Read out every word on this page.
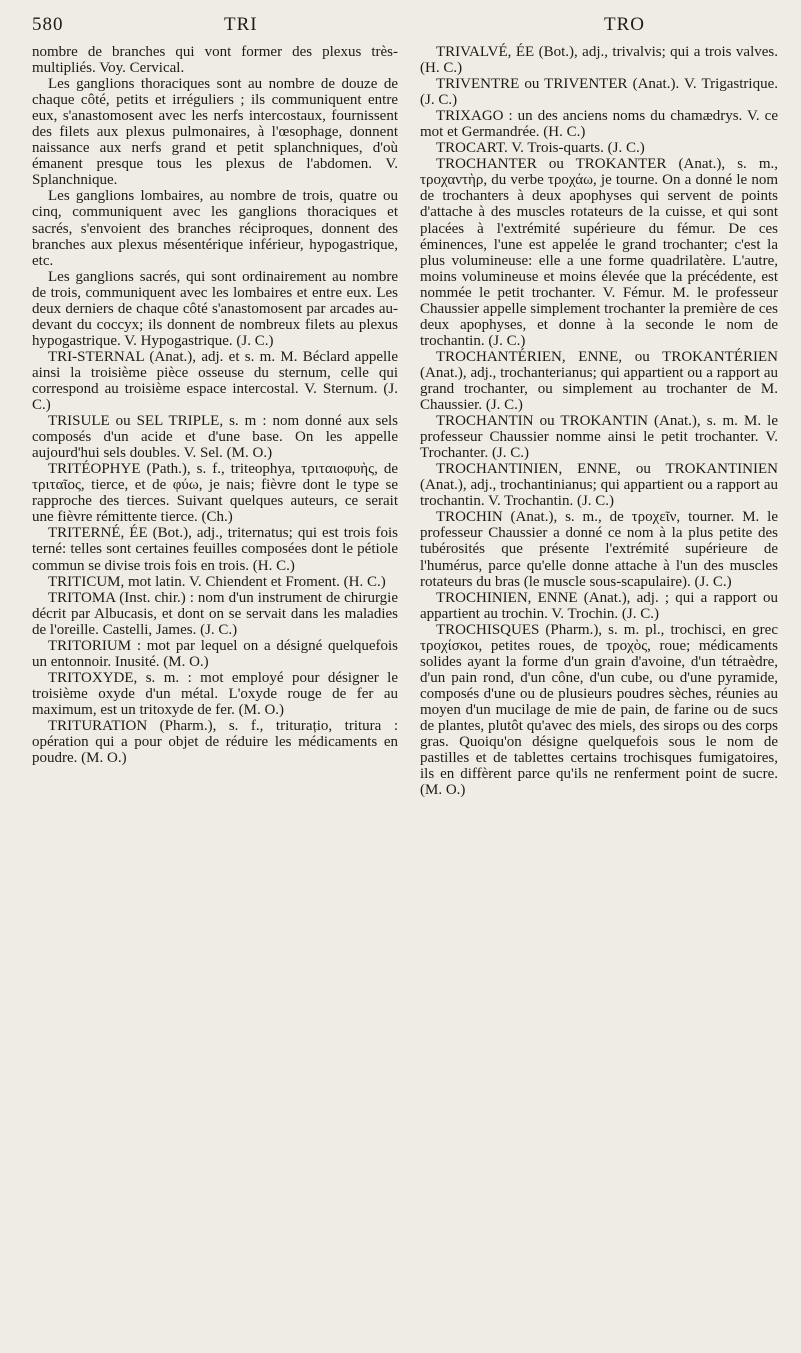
580	TRI	TRO

nombre de branches qui vont former des plexus très-multipliés. Voy. Cervical.

Les ganglions thoraciques sont au nombre de douze de chaque côté, petits et irréguliers ; ils communiquent entre eux, s'anastomosent avec les nerfs intercostaux, fournissent des filets aux plexus pulmonaires, à l'œsophage, donnent naissance aux nerfs grand et petit splanchniques, d'où émanent presque tous les plexus de l'abdomen. V. Splanchnique.

Les ganglions lombaires, au nombre de trois, quatre ou cinq, communiquent avec les ganglions thoraciques et sacrés, s'envoient des branches réciproques, donnent des branches aux plexus mésentérique inférieur, hypogastrique, etc.

Les ganglions sacrés, qui sont ordinairement au nombre de trois, communiquent avec les lombaires et entre eux. Les deux derniers de chaque côté s'anastomosent par arcades au-devant du coccyx; ils donnent de nombreux filets au plexus hypogastrique. V. Hypogastrique. (J. C.)

TRI-STERNAL (Anat.), adj. et s. m. M. Béclard appelle ainsi la troisième pièce osseuse du sternum, celle qui correspond au troisième espace intercostal. V. Sternum. (J. C.)

TRISULE ou SEL TRIPLE, s. m : nom donné aux sels composés d'un acide et d'une base. On les appelle aujourd'hui sels doubles. V. Sel. (M. O.)

TRITÉOPHYE (Path.), s. f., triteophya, τριταιοφυὴς, de τριταῖος, tierce, et de φύω, je nais; fièvre dont le type se rapproche des tierces. Suivant quelques auteurs, ce serait une fièvre rémittente tierce. (Ch.)

TRITERNÉ, ÉE (Bot.), adj., triternatus; qui est trois fois terné: telles sont certaines feuilles composées dont le pétiole commun se divise trois fois en trois. (H. C.)

TRITICUM, mot latin. V. Chiendent et Froment. (H. C.)

TRITOMA (Inst. chir.) : nom d'un instrument de chirurgie décrit par Albucasis, et dont on se servait dans les maladies de l'oreille. Castelli, James. (J. C.)

TRITORIUM : mot par lequel on a désigné quelquefois un entonnoir. Inusité. (M. O.)

TRITOXYDE, s. m. : mot employé pour désigner le troisième oxyde d'un métal. L'oxyde rouge de fer au maximum, est un tritoxyde de fer. (M. O.)

TRITURATION (Pharm.), s. f., triturațio, tritura : opération qui a pour objet de réduire les médicaments en poudre. (M. O.)

TRIVALVÉ, ÉE (Bot.), adj., trivalvis; qui a trois valves. (H. C.)

TRIVENTRE ou TRIVENTER (Anat.). V. Trigastrique. (J. C.)

TRIXAGO : un des anciens noms du chamædrys. V. ce mot et Germandrée. (H. C.)

TROCART. V. Trois-quarts. (J. C.)

TROCHANTER ou TROKANTER (Anat.), s. m., τροχαντὴρ, du verbe τροχάω, je tourne. On a donné le nom de trochanters à deux apophyses qui servent de points d'attache à des muscles rotateurs de la cuisse, et qui sont placées à l'extrémité supérieure du fémur. De ces éminences, l'une est appelée le grand trochanter; c'est la plus volumineuse: elle a une forme quadrilatère. L'autre, moins volumineuse et moins élevée que la précédente, est nommée le petit trochanter. V. Fémur. M. le professeur Chaussier appelle simplement trochanter la première de ces deux apophyses, et donne à la seconde le nom de trochantin. (J. C.)

TROCHANTÉRIEN, ENNE, ou TROKANTÉRIEN (Anat.), adj., trochanterianus; qui appartient ou a rapport au grand trochanter, ou simplement au trochanter de M. Chaussier. (J. C.)

TROCHANTIN ou TROKANTIN (Anat.), s. m. M. le professeur Chaussier nomme ainsi le petit trochanter. V. Trochanter. (J. C.)

TROCHANTINIEN, ENNE, ou TROKANTINIEN (Anat.), adj., trochantinianus; qui appartient ou a rapport au trochantin. V. Trochantin. (J. C.)

TROCHIN (Anat.), s. m., de τροχεῖν, tourner. M. le professeur Chaussier a donné ce nom à la plus petite des tubérosités que présente l'extrémité supérieure de l'humérus, parce qu'elle donne attache à l'un des muscles rotateurs du bras (le muscle sous-scapulaire). (J. C.)

TROCHINIEN, ENNE (Anat.), adj. ; qui a rapport ou appartient au trochin. V. Trochin. (J. C.)

TROCHISQUES (Pharm.), s. m. pl., trochisci, en grec τροχίσκοι, petites roues, de τροχὸς, roue; médicaments solides ayant la forme d'un grain d'avoine, d'un tétraèdre, d'un pain rond, d'un cône, d'un cube, ou d'une pyramide, composés d'une ou de plusieurs poudres sèches, réunies au moyen d'un mucilage de mie de pain, de farine ou de sucs de plantes, plutôt qu'avec des miels, des sirops ou des corps gras. Quoiqu'on désigne quelquefois sous le nom de pastilles et de tablettes certains trochisques fumigatoires, ils en diffèrent parce qu'ils ne renferment point de sucre. (M. O.)
